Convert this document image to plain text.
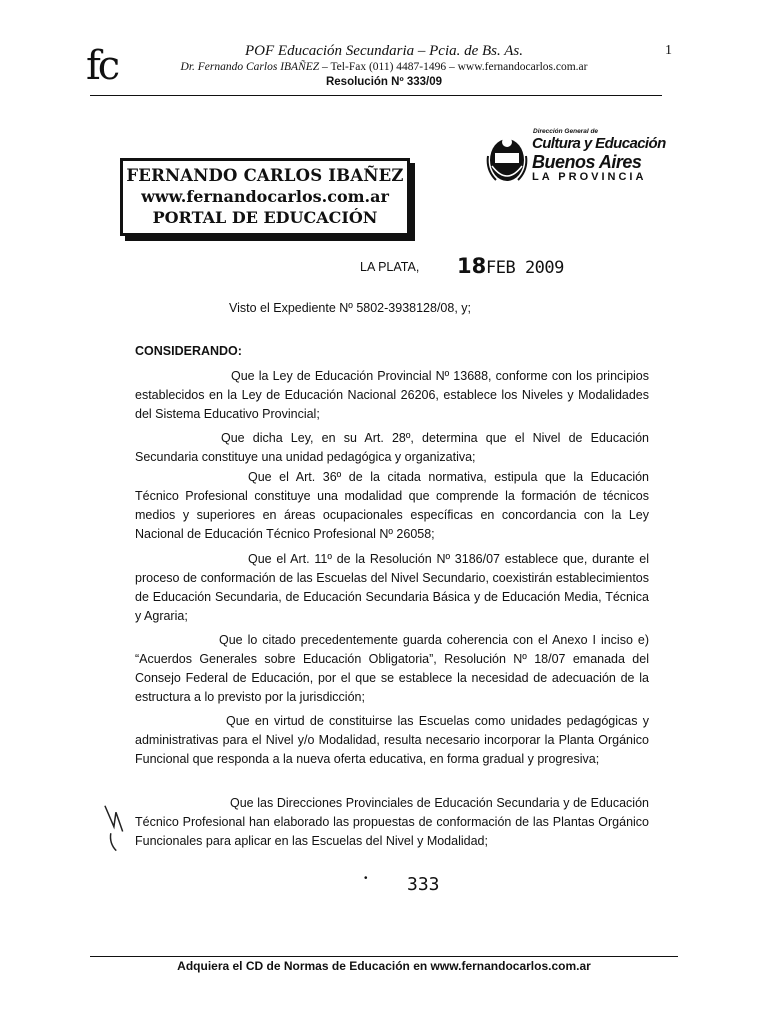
fc	POF Educación Secundaria – Pcia. de Bs. As.	1
Dr. Fernando Carlos IBAÑEZ – Tel-Fax (011) 4487-1496 – www.fernandocarlos.com.ar
Resolución Nº 333/09
FERNANDO CARLOS IBAÑEZ
www.fernandocarlos.com.ar
PORTAL DE EDUCACIÓN
Dirección General de
Cultura y Educación
Buenos Aires
LA PROVINCIA
LA PLATA, 18 FEB 2009
Visto el Expediente Nº 5802-3938128/08, y;
CONSIDERANDO:

Que la Ley de Educación Provincial Nº 13688, conforme con los principios establecidos en la Ley de Educación Nacional 26206, establece los Niveles y Modalidades del Sistema Educativo Provincial;

Que dicha Ley, en su Art. 28º, determina que el Nivel de Educación Secundaria constituye una unidad pedagógica y organizativa;

Que el Art. 36º de la citada normativa, estipula que la Educación Técnico Profesional constituye una modalidad que comprende la formación de técnicos medios y superiores en áreas ocupacionales específicas en concordancia con la Ley Nacional de Educación Técnico Profesional Nº 26058;

Que el Art. 11º de la Resolución Nº 3186/07 establece que, durante el proceso de conformación de las Escuelas del Nivel Secundario, coexistirán establecimientos de Educación Secundaria, de Educación Secundaria Básica y de Educación Media, Técnica y Agraria;

Que lo citado precedentemente guarda coherencia con el Anexo I inciso e) “Acuerdos Generales sobre Educación Obligatoria”, Resolución Nº 18/07 emanada del Consejo Federal de Educación, por el que se establece la necesidad de adecuación de la estructura a lo previsto por la jurisdicción;

Que en virtud de constituirse las Escuelas como unidades pedagógicas y administrativas para el Nivel y/o Modalidad, resulta necesario incorporar la Planta Orgánico Funcional que responda a la nueva oferta educativa, en forma gradual y progresiva;

Que las Direcciones Provinciales de Educación Secundaria y de Educación Técnico Profesional han elaborado las propuestas de conformación de las Plantas Orgánico Funcionales para aplicar en las Escuelas del Nivel y Modalidad;

• 333
Adquiera el CD de Normas de Educación en www.fernandocarlos.com.ar
